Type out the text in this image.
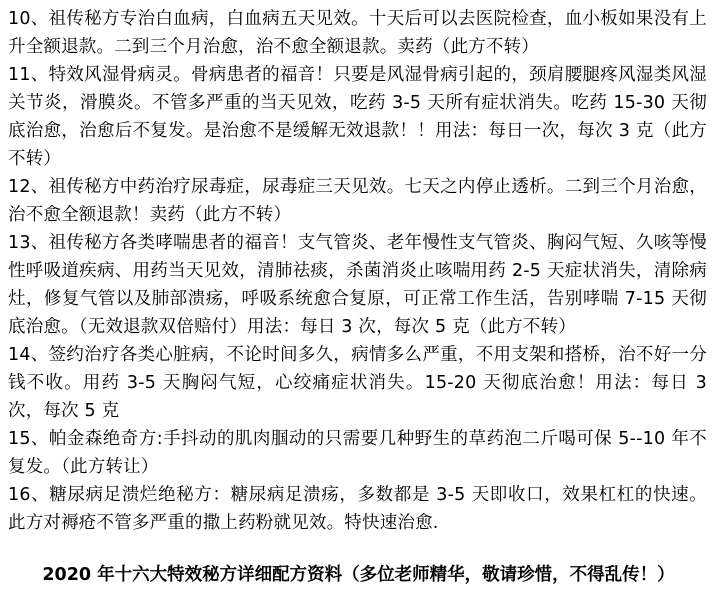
10、祖传秘方专治白血病，白血病五天见效。十天后可以去医院检查，血小板如果没有上升全额退款。二到三个月治愈，治不愈全额退款。卖药（此方不转）

11、特效风湿骨病灵。骨病患者的福音！只要是风湿骨病引起的，颈肩腰腿疼风湿类风湿关节炎，滑膜炎。不管多严重的当天见效，吃药 3-5 天所有症状消失。吃药 15-30 天彻底治愈，治愈后不复发。是治愈不是缓解无效退款！！用法：每日一次，每次 3 克（此方不转）

12、祖传秘方中药治疗尿毒症，尿毒症三天见效。七天之内停止透析。二到三个月治愈，治不愈全额退款！卖药（此方不转）

13、祖传秘方各类哮喘患者的福音！支气管炎、老年慢性支气管炎、胸闷气短、久咳等慢性呼吸道疾病、用药当天见效，清肺祛痰，杀菌消炎止咳喘用药 2-5 天症状消失，清除病灶，修复气管以及肺部溃疡，呼吸系统愈合复原，可正常工作生活，告别哮喘 7-15 天彻底治愈。（无效退款双倍赔付）用法：每日 3 次，每次 5 克（此方不转）

14、签约治疗各类心脏病，不论时间多久，病情多么严重，不用支架和搭桥，治不好一分钱不收。用药 3-5 天胸闷气短，心绞痛症状消失。15-20 天彻底治愈！用法：每日 3 次，每次 5 克

15、帕金森绝奇方:手抖动的肌肉腘动的只需要几种野生的草药泡二斤喝可保 5--10 年不复发。（此方转让）

16、糖尿病足溃烂绝秘方：糖尿病足溃疡，多数都是 3-5 天即收口，效果杠杠的快速。此方对褥疮不管多严重的撒上药粉就见效。特快速治愈.

2020 年十六大特效秘方详细配方资料（多位老师精华，敬请珍惜，不得乱传！）
